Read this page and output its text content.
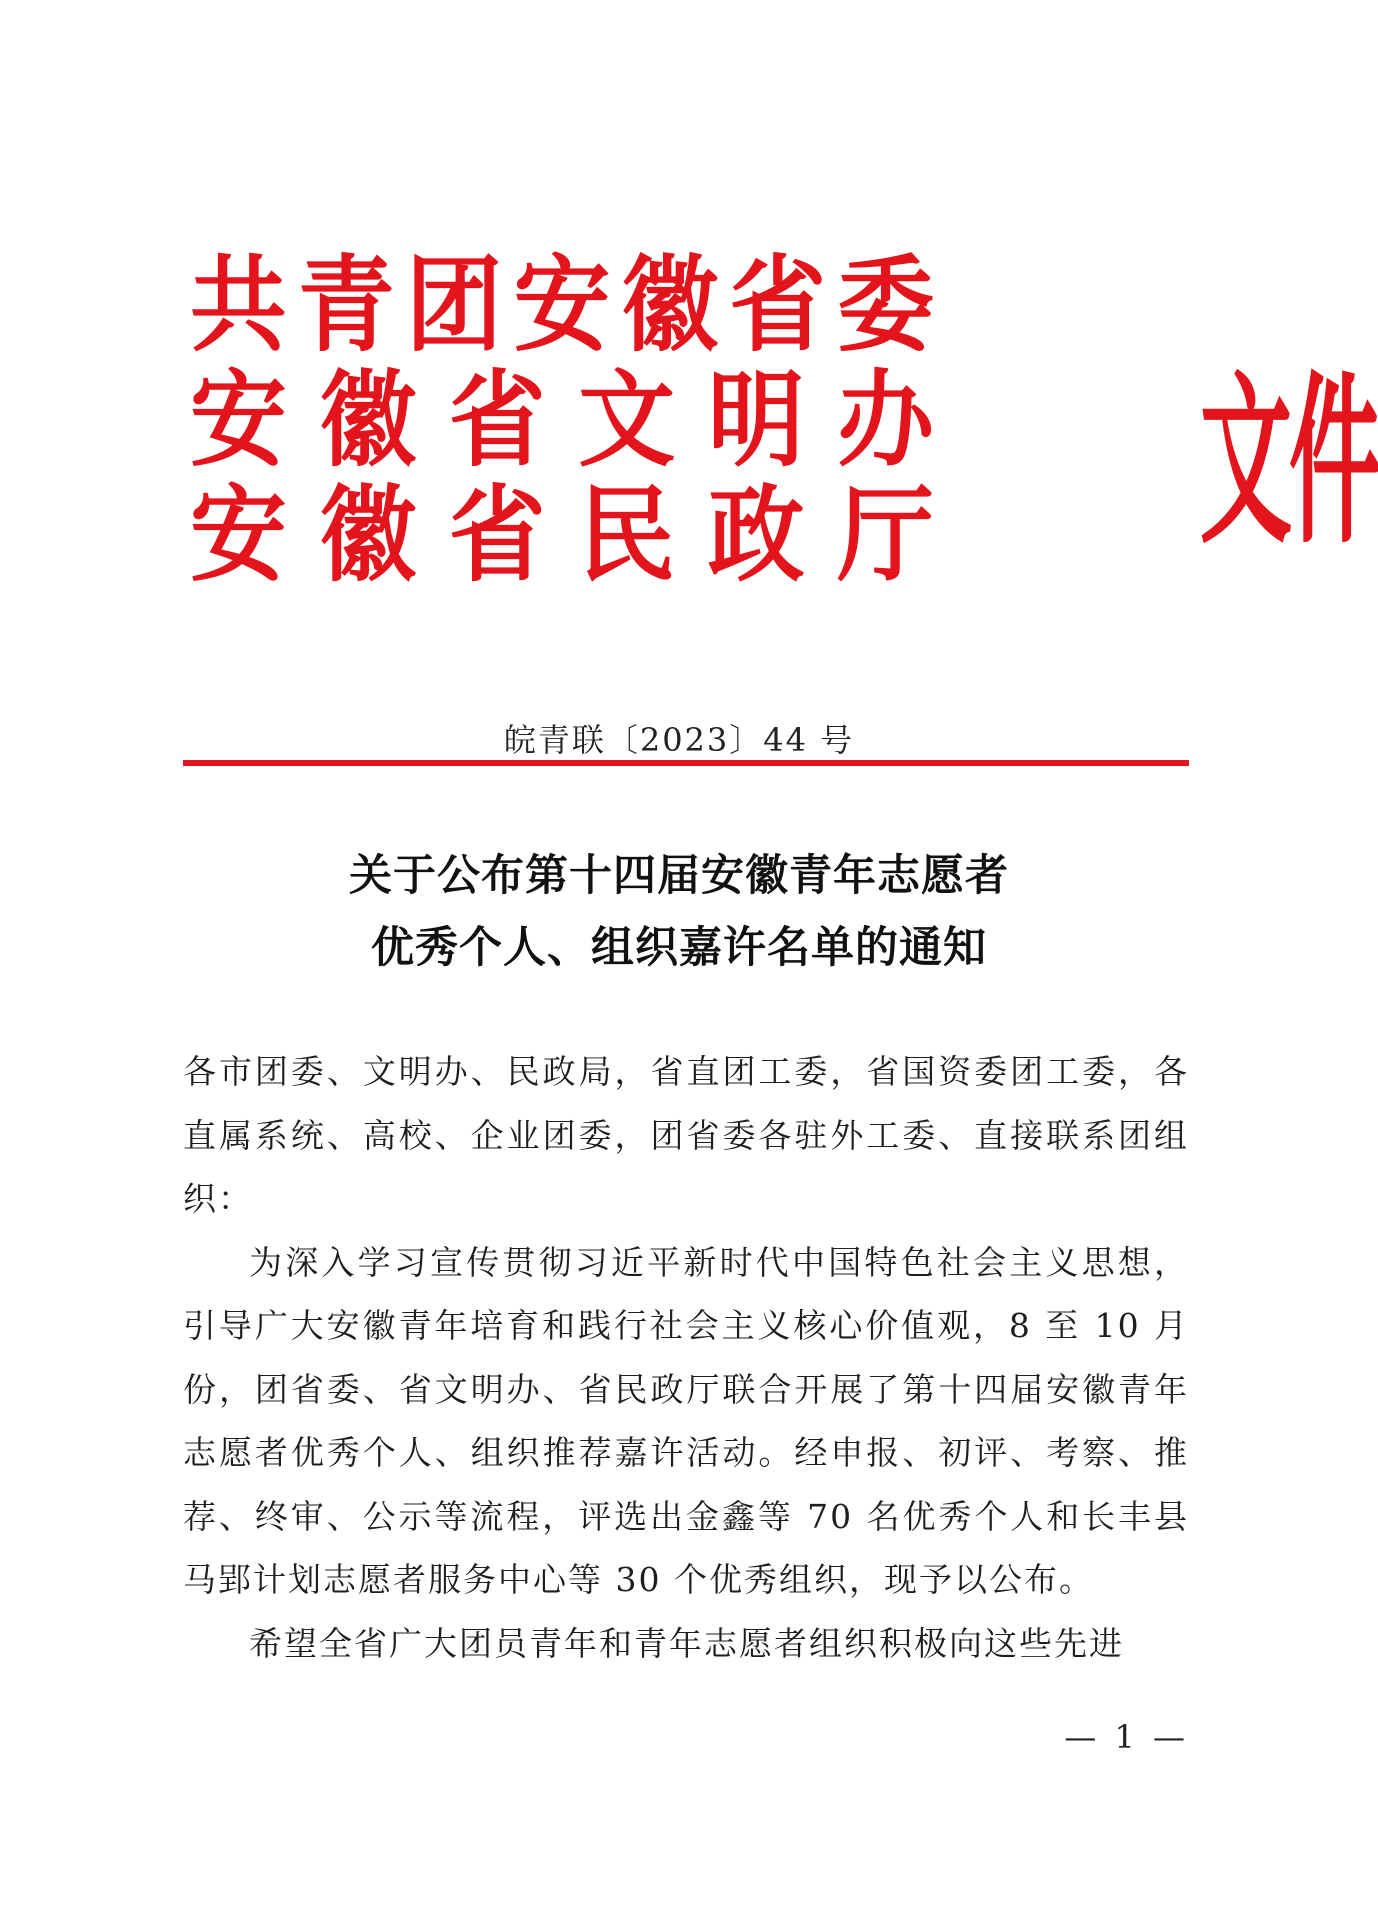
共 青 团 安 徽 省 委
安 徽 省 文 明 办
安 徽 省 民 政 厅 文件
皖青联〔2023〕44 号
关于公布第十四届安徽青年志愿者
优秀个人、组织嘉许名单的通知

各市团委、文明办、民政局，省直团工委，省国资委团工委，各直属系统、高校、企业团委，团省委各驻外工委、直接联系团组织：

为深入学习宣传贯彻习近平新时代中国特色社会主义思想，引导广大安徽青年培育和践行社会主义核心价值观，8 至 10 月份，团省委、省文明办、省民政厅联合开展了第十四届安徽青年志愿者优秀个人、组织推荐嘉许活动。经申报、初评、考察、推荐、终审、公示等流程，评选出金鑫等 70 名优秀个人和长丰县马郢计划志愿者服务中心等 30 个优秀组织，现予以公布。

希望全省广大团员青年和青年志愿者组织积极向这些先进

— 1 —
